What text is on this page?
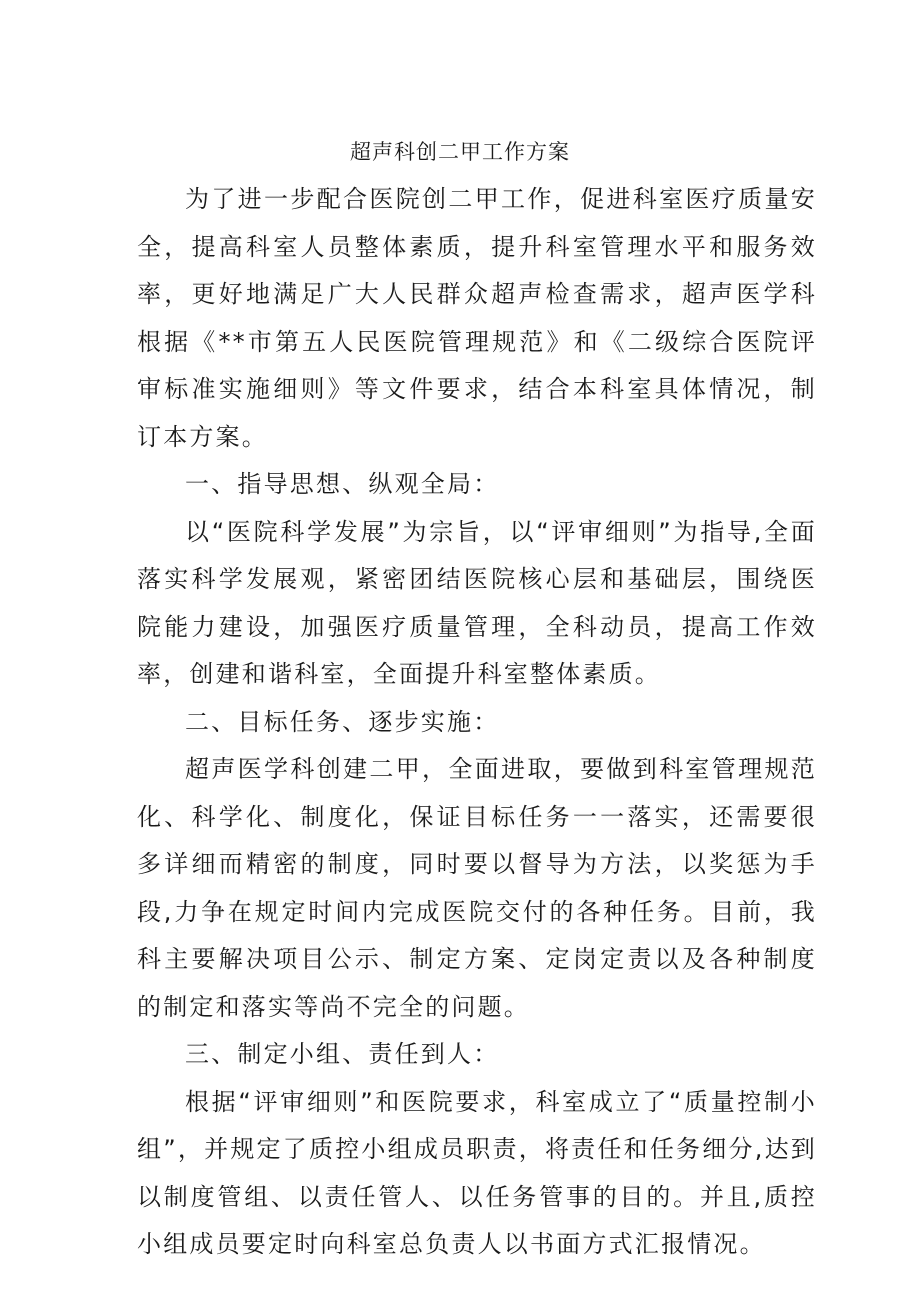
超声科创二甲工作方案

为了进一步配合医院创二甲工作，促进科室医疗质量安全，提高科室人员整体素质，提升科室管理水平和服务效率，更好地满足广大人民群众超声检查需求，超声医学科根据《**市第五人民医院管理规范》和《二级综合医院评审标准实施细则》等文件要求，结合本科室具体情况，制订本方案。

一、指导思想、纵观全局：

以“医院科学发展”为宗旨，以“评审细则”为指导,全面落实科学发展观，紧密团结医院核心层和基础层，围绕医院能力建设，加强医疗质量管理，全科动员，提高工作效率，创建和谐科室，全面提升科室整体素质。

二、目标任务、逐步实施：

超声医学科创建二甲，全面进取，要做到科室管理规范化、科学化、制度化，保证目标任务一一落实，还需要很多详细而精密的制度，同时要以督导为方法，以奖惩为手段,力争在规定时间内完成医院交付的各种任务。目前，我科主要解决项目公示、制定方案、定岗定责以及各种制度的制定和落实等尚不完全的问题。

三、制定小组、责任到人：

根据“评审细则”和医院要求，科室成立了“质量控制小组”，并规定了质控小组成员职责，将责任和任务细分,达到以制度管组、以责任管人、以任务管事的目的。并且,质控小组成员要定时向科室总负责人以书面方式汇报情况。
